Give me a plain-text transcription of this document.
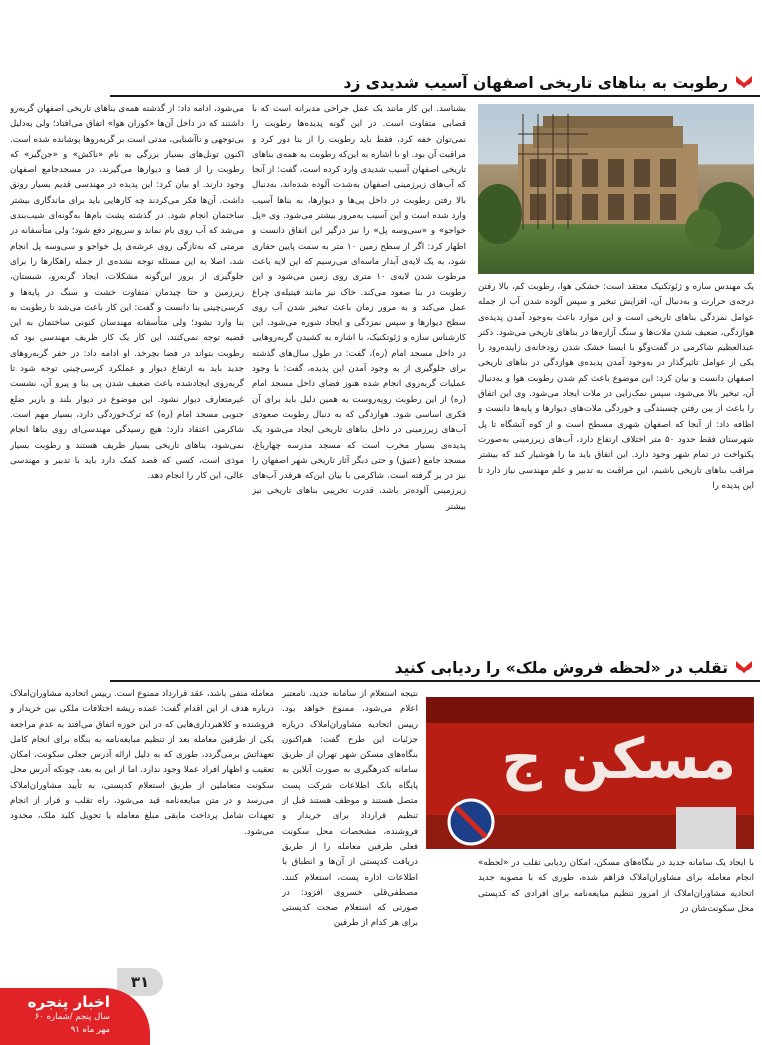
رطوبت به بناهای تاریخی اصفهان آسیب شدیدی زد
یک مهندس سازه و ژئوتکنیک معتقد است: خشکی هوا، رطوبت کم، بالا رفتن درجه‌ی حرارت و به‌دنبال آن، افزایش تبخیر و سپس آلوده شدن آب از جمله عوامل نمزدگی بناهای تاریخی است و این موارد باعث به‌وجود آمدن پدیده‌ی هوازدگی، ضعیف شدن ملات‌ها و سنگ آزاره‌ها در بناهای تاریخی می‌شود. دکتر عبدالعظیم شاکرمی در گفت‌وگو با ایسنا خشک شدن رودخانه‌ی زاینده‌رود را یکی از عوامل تاثیرگذار در به‌وجود آمدن پدیده‌ی هوازدگی در بناهای تاریخی اصفهان دانست و بیان کرد: این موضوع باعث کم شدن رطوبت هوا و به‌دنبال آن، تبخیر بالا می‌شود، سپس نمک‌زایی در ملات ایجاد می‌شود. وی این اتفاق را باعث از بین رفتن چسبندگی و خوردگی ملات‌های دیوارها و پایه‌ها دانست و اظافه داد: از آنجا که اصفهان شهری مسطح است و از کوه آتشگاه تا پل شهرستان فقط حدود ۵۰ متر اختلاف ارتفاع دارد، آب‌های زیرزمینی به‌صورت یکنواخت در تمام شهر وجود دارد. این اتفاق باید ما را هوشیار کند که بیشتر مراقب بناهای تاریخی باشیم، این مراقبت به تدبیر و علم مهندسی نیاز دارد تا این پدیده را
بشناسد. این کار مانند یک عمل جراحی مدبرانه است که با قصابی متفاوت است. در این گونه پدیده‌ها رطوبت را نمی‌توان خفه کرد، فقط باید رطوبت را از بنا دور کرد و مراقبت آن بود. او با اشاره به این‌که رطوبت به همه‌ی بناهای تاریخی اصفهان آسیب شدیدی وارد کرده است، گفت: از آنجا که آب‌های زیرزمینی اصفهان به‌شدت آلوده شده‌اند، به‌دنبال بالا رفتن رطوبت در داخل پی‌ها و دیوارها، به بناها آسیب وارد شده است و این آسیب به‌مرور بیشتر می‌شود. وی «پل خواجو» و «سی‌وسه پل» را نیز درگیر این اتفاق دانست و اظهار کرد: اگر از سطح زمین ۱۰ متر به سمت پایین حفاری شود، به یک لایه‌ی آبدار ماسه‌ای می‌رسیم که این لایه باعث مرطوب شدن لایه‌ی ۱۰ متری روی زمین می‌شود و این رطوبت در بنا صعود می‌کند. خاک نیز مانند فیتیله‌ی چراغ عمل می‌کند و به مرور زمان باعث تبخیر شدن آب روی سطح دیوارها و سپس نمزدگی و ایجاد شوره می‌شود. این کارشناس سازه و ژئوتکنیک، با اشاره به کشیدن گربه‌روهایی در داخل مسجد امام (ره)، گفت: در طول سال‌های گذشته برای جلوگیری از به وجود آمدن این پدیده، گفت: با وجود عملیات گربه‌روی انجام شده هنوز فضای داخل مسجد امام (ره) از این رطوبت رویه‌روست به همین دلیل باید برای آن فکری اساسی شود. هوازدگی که به دنبال رطوبت صعودی آب‌های زیرزمینی در داخل بناهای تاریخی ایجاد می‌شود یک پدیده‌ی بسیار مخرب است که مسجد مدرسه چهارباغ، مسجد جامع (عتیق) و حتی دیگر آثار تاریخی شهر اصفهان را نیز در بر گرفته است. شاکرمی با بیان این‌که هرقدر آب‌های زیرزمینی آلوده‌تر باشد، قدرت تخریبی بناهای تاریخی نیز بیشتر
می‌شود، ادامه داد: از گذشته همه‌ی بناهای تاریخی اصفهان گربه‌رو داشتند که در داخل آن‌ها «کوران هوا» اتفاق می‌افتاد؛ ولی به‌دلیل بی‌توجهی و ناآشنایی، مدتی است بر گربه‌روها پوشانده شده است. اکنون تونل‌های بسیار بزرگی به نام «ناکش» و «جن‌گیر» که رطوبت را از فضا و دیوارها می‌گیرند، در مسجدجامع اصفهان وجود دارند. او بیان کرد: این پدیده در مهندسی قدیم بسیار رونق داشت. آن‌ها فکر می‌کردند چه کارهایی باید برای ماندگاری بیشتر ساختمان انجام شود. در گذشته پشت بام‌ها به‌گونه‌ای شیب‌بندی می‌شد که آب روی بام نماند و سریع‌تر دفع شود؛ ولی متأسفانه در مرمتی که به‌تازگی روی عرشه‌ی پل خواجو و سی‌وسه پل انجام شد، اصلا به این مسئله توجه نشده‌ی از جمله راهکارها را برای جلوگیری از بروز این‌گونه مشکلات، ایجاد گربه‌رو، شبستان، زیرزمین و حتا چیدمان متفاوت خشت و سنگ در پایه‌ها و کرسی‌چینی بنا دانست و گفت: این کار باعث می‌شد تا رطوبت به بنا وارد نشود؛ ولی متأسفانه مهندسان کنونی ساختمان به این قضیه توجه نمی‌کنند، این کار یک کار ظریف مهندسی بود که رطوبت بتواند در فضا بچرخد. او ادامه داد: در حفر گربه‌روهای جدید باید به ارتفاع دیوار و عملکرد کرسی‌چینی توجه شود تا گربه‌روی ایجادشده باعث ضعیف شدن پی بنا و پیرو آن، نشست غیرمتعارف دیوار نشود. این موضوع در دیوار بلند و باربر ضلع جنوبی مسجد امام (ره) که ترک‌خوردگی دارد، بسیار مهم است. شاکرمی اعتقاد دارد: هیچ رسیدگی مهندسی‌ای روی بناها انجام نمی‌شود، بناهای تاریخی بسیار ظریف هستند و رطوبت بسیار موذی است، کسی که قصد کمک دارد باید با تدبیر و مهندسی عالی، این کار را انجام دهد.
تقلب در «لحظه فروش ملک» را ردیابی کنید
مسکن ج
با ایجاد یک سامانه جدید در بنگاه‌های مسکن، امکان ردیابی تقلب در «لحظه» انجام معامله برای مشاوران‌املاک فراهم شده، طوری که با مصوبه جدید اتحادیه مشاوران‌املاک از امروز تنظیم مبایعه‌نامه برای افرادی که کدپستی محل سکونت‌شان در
نتیجه استعلام از سامانه جدید، نامعتبر اعلام می‌شود، ممنوع خواهد بود. رییس اتحادیه مشاوران‌املاک درباره جزئیات این طرح گفت: هم‌اکنون بنگاه‌های مسکن شهر تهران از طریق سامانه کدرهگیری به صورت آنلاین به پایگاه بانک اطلاعات شرکت پست متصل هستند و موظف هستند قبل از تنظیم قرارداد برای خریدار و فروشنده، مشخصات محل سکونت فعلی طرفین معامله را از طریق دریافت کدپستی از آن‌ها و انطباق با اطلاعات اداره پست، استعلام کنند. مصطفی‌قلی خسروی افزود: در صورتی که استعلام صحت کدپستی برای هر کدام از طرفین
معامله منفی باشد، عقد قرارداد ممنوع است. رییس اتحادیه مشاوران‌املاک درباره هدف از این اقدام گفت: عمده ریشه اختلافات ملکی بین خریدار و فروشنده و کلاهبرداری‌هایی که در این حوزه اتفاق می‌افتد به عدم مراجعه یکی از طرفین معامله بعد از تنظیم مبایعه‌نامه به بنگاه برای انجام کامل تعهداتش برمی‌گردد، طوری که به دلیل ارائه آدرس جعلی سکونت، امکان تعقیب و اظهار افراد عملا وجود ندارد. اما از این به بعد، چونکه آدرس محل سکونت متعاملین از طریق استعلام کدپستی، به تأیید مشاوران‌املاک می‌رسد و در متن مبایعه‌نامه قید می‌شود، راه تقلب و فرار از انجام تعهدات شامل پرداخت مابقی مبلغ معامله یا تحویل کلید ملک، محدود می‌شود.
۳۱
اخبار پنجره
سال پنجم /شماره ۶۰
مهر ماه ۹۱
